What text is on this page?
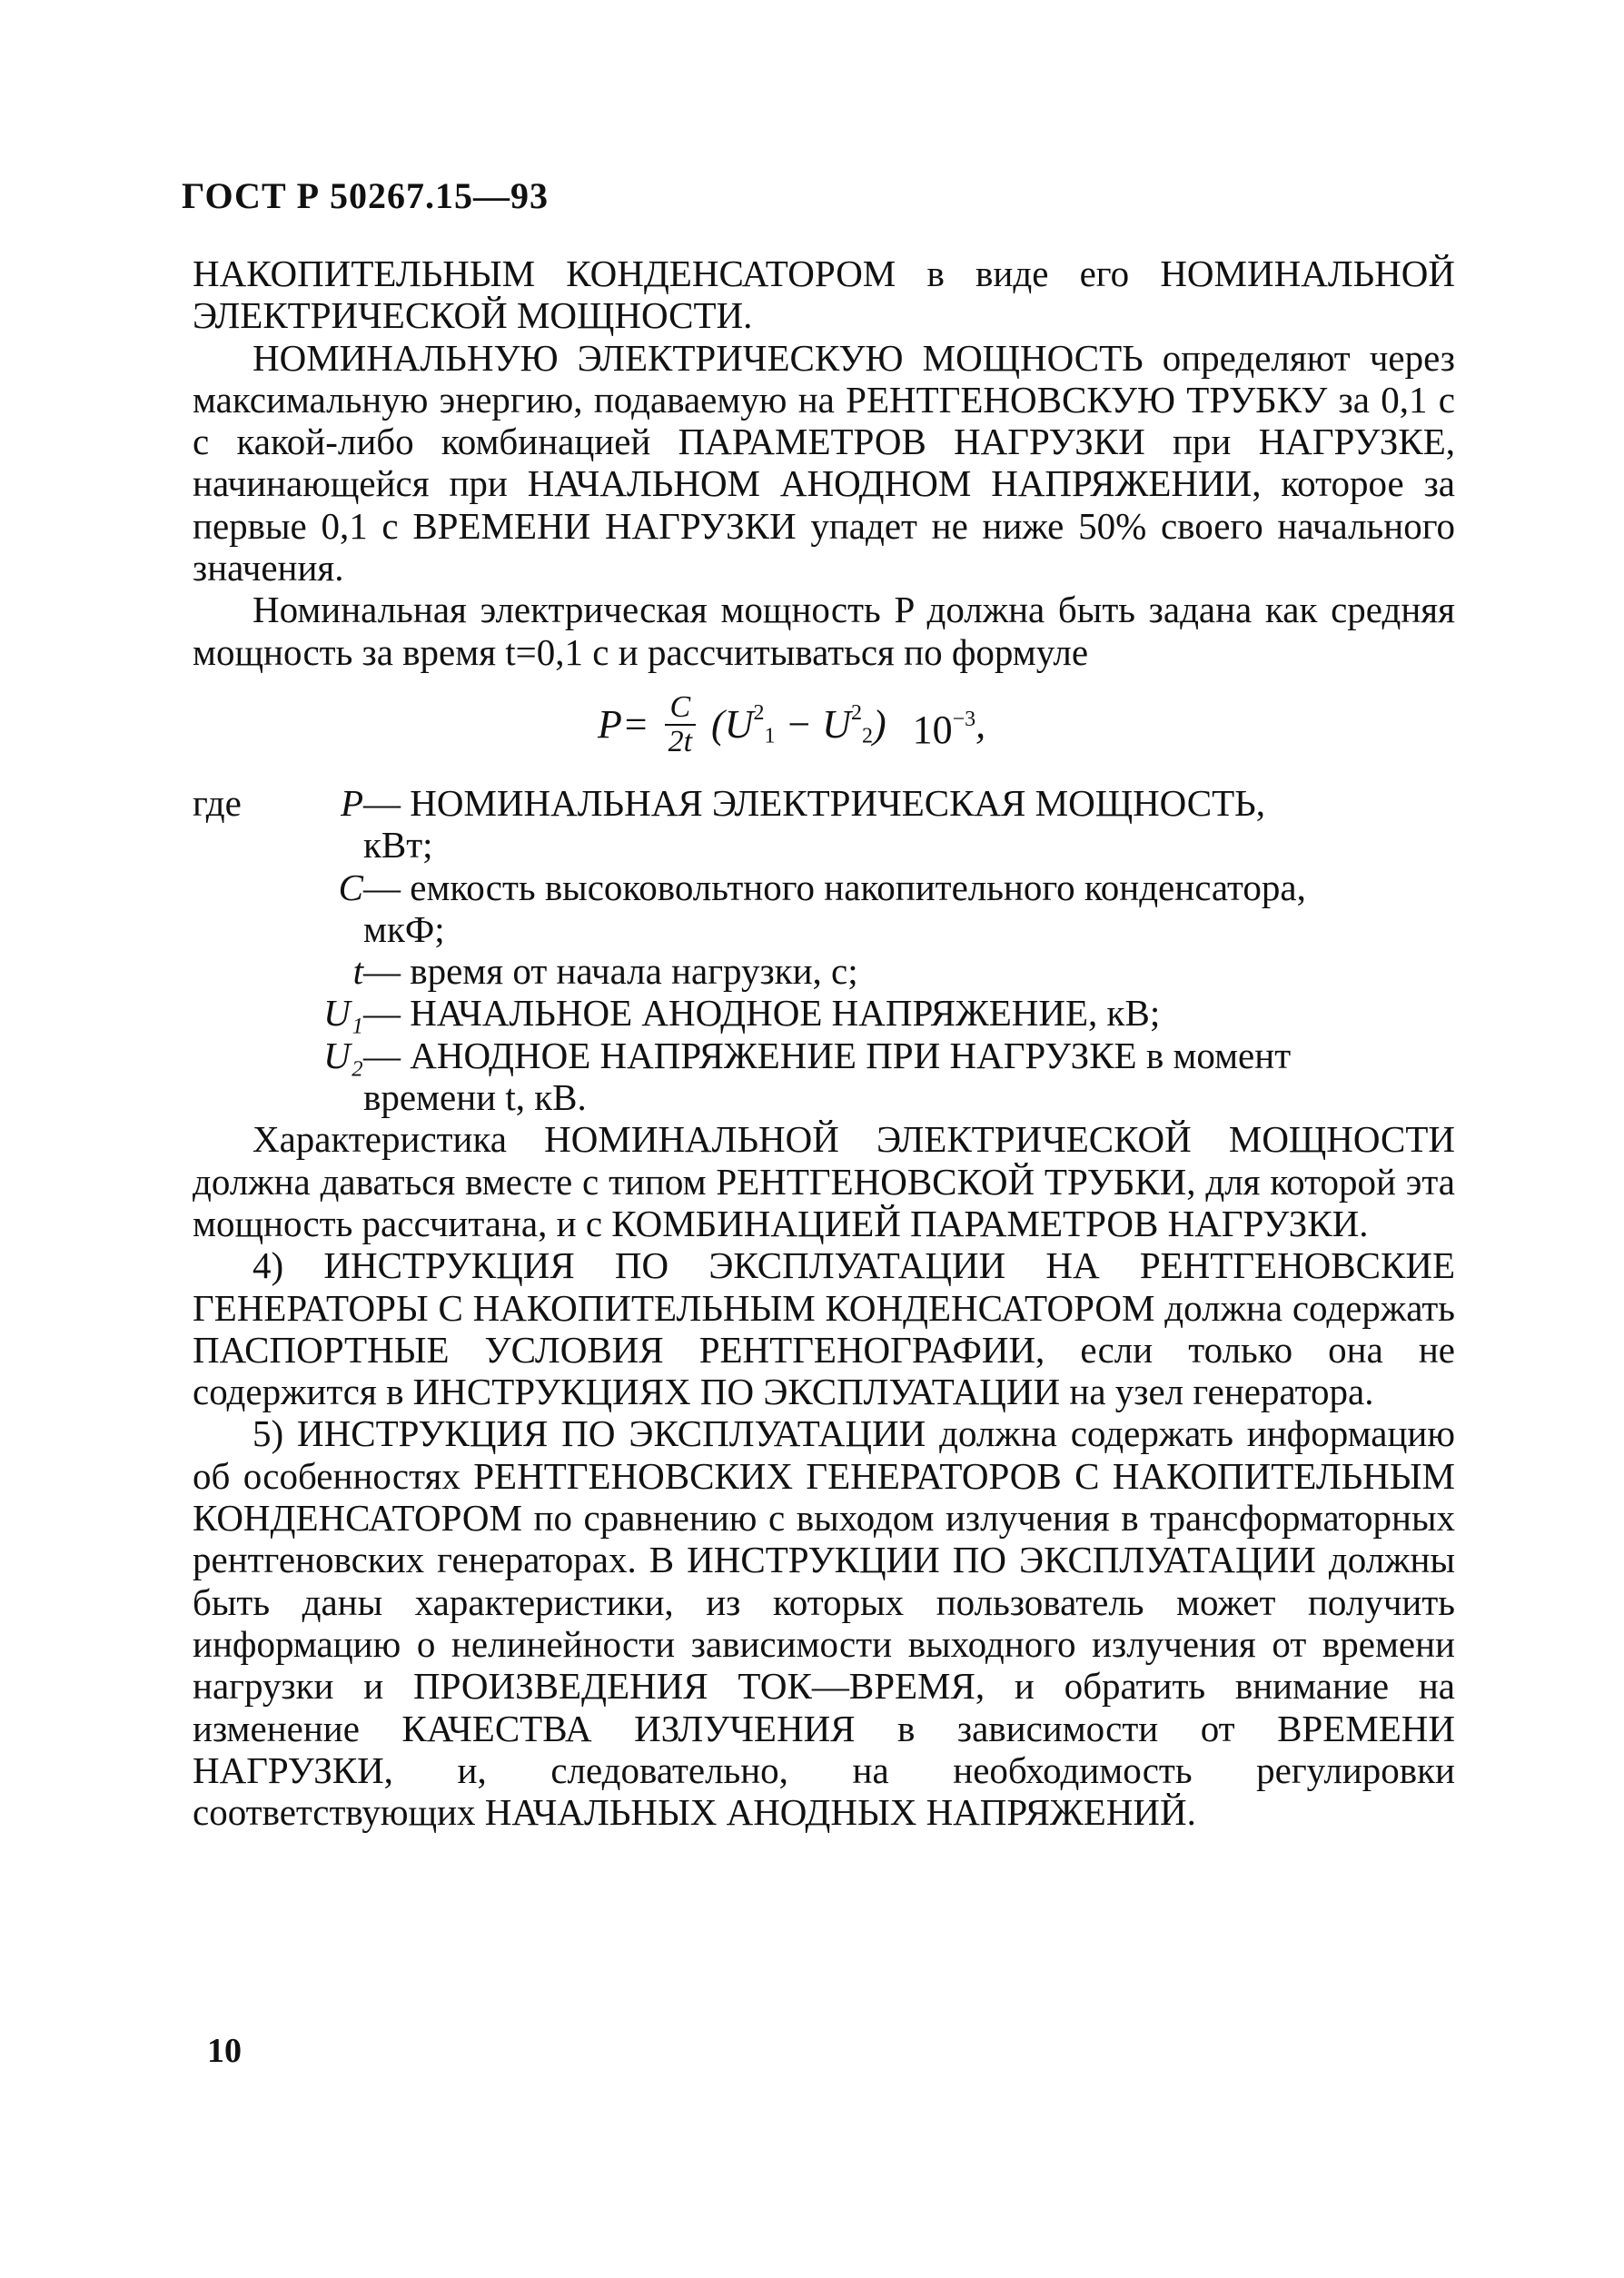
ГОСТ Р 50267.15—93

НАКОПИТЕЛЬНЫМ КОНДЕНСАТОРОМ в виде его НОМИНАЛЬНОЙ ЭЛЕКТРИЧЕСКОЙ МОЩНОСТИ.

НОМИНАЛЬНУЮ ЭЛЕКТРИЧЕСКУЮ МОЩНОСТЬ определяют через максимальную энергию, подаваемую на РЕНТГЕНОВСКУЮ ТРУБКУ за 0,1 с с какой-либо комбинацией ПАРАМЕТРОВ НАГРУЗКИ при НАГРУЗКЕ, начинающейся при НАЧАЛЬНОМ АНОДНОМ НАПРЯЖЕНИИ, которое за первые 0,1 с ВРЕМЕНИ НАГРУЗКИ упадет не ниже 50% своего начального значения.

Номинальная электрическая мощность P должна быть задана как средняя мощность за время t=0,1 с и рассчитываться по формуле

$P= \frac{C}{2t} (U^2_1 - U^2_2)$ $10^{-3}$,
где	P — НОМИНАЛЬНАЯ ЭЛЕКТРИЧЕСКАЯ МОЩНОСТЬ,
кВт;
C — емкость высоковольтного накопительного конденсатора,
мкФ;
t — время от начала нагрузки, с;
U₁ — НАЧАЛЬНОЕ АНОДНОЕ НАПРЯЖЕНИЕ, кВ;
U₂ — АНОДНОЕ НАПРЯЖЕНИЕ ПРИ НАГРУЗКЕ в момент
времени t, кВ.

Характеристика НОМИНАЛЬНОЙ ЭЛЕКТРИЧЕСКОЙ МОЩНОСТИ должна даваться вместе с типом РЕНТГЕНОВСКОЙ ТРУБКИ, для которой эта мощность рассчитана, и с КОМБИНАЦИЕЙ ПАРАМЕТРОВ НАГРУЗКИ.

4) ИНСТРУКЦИЯ ПО ЭКСПЛУАТАЦИИ НА РЕНТГЕНОВСКИЕ ГЕНЕРАТОРЫ С НАКОПИТЕЛЬНЫМ КОНДЕНСАТОРОМ должна содержать ПАСПОРТНЫЕ УСЛОВИЯ РЕНТГЕНОГРАФИИ, если только она не содержится в ИНСТРУКЦИЯХ ПО ЭКСПЛУАТАЦИИ на узел генератора.

5) ИНСТРУКЦИЯ ПО ЭКСПЛУАТАЦИИ должна содержать информацию об особенностях РЕНТГЕНОВСКИХ ГЕНЕРАТОРОВ С НАКОПИТЕЛЬНЫМ КОНДЕНСАТОРОМ по сравнению с выходом излучения в трансформаторных рентгеновских генераторах. В ИНСТРУКЦИИ ПО ЭКСПЛУАТАЦИИ должны быть даны характеристики, из которых пользователь может получить информацию о нелинейности зависимости выходного излучения от времени нагрузки и ПРОИЗВЕДЕНИЯ ТОК—ВРЕМЯ, и обратить внимание на изменение КАЧЕСТВА ИЗЛУЧЕНИЯ в зависимости от ВРЕМЕНИ НАГРУЗКИ, и, следовательно, на необходимость регулировки соответствующих НАЧАЛЬНЫХ АНОДНЫХ НАПРЯЖЕНИЙ.

10
